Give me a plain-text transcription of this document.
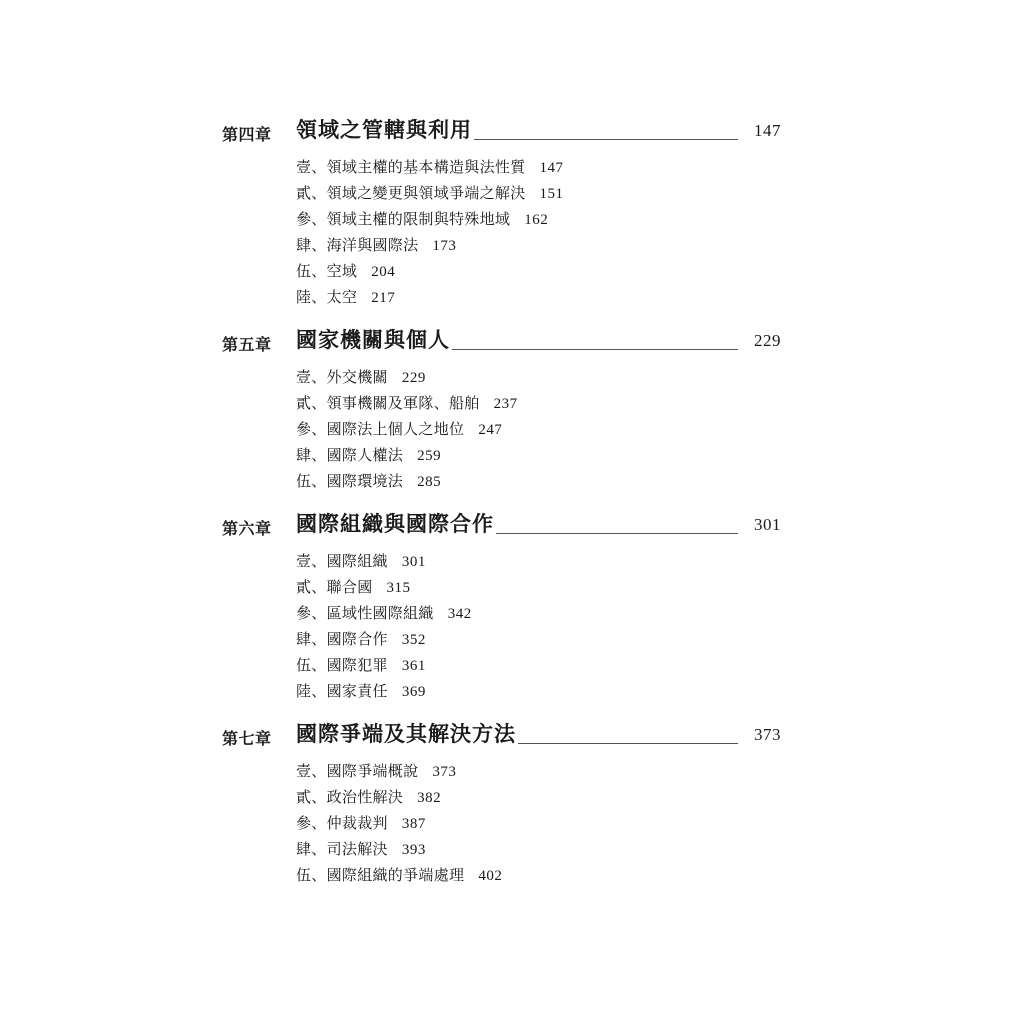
第四章 領域之管轄與利用	147
壹、領域主權的基本構造與法性質 147
貳、領域之變更與領域爭端之解決 151
參、領域主權的限制與特殊地域 162
肆、海洋與國際法 173
伍、空域 204
陸、太空 217
第五章 國家機關與個人	229
壹、外交機關 229
貳、領事機關及軍隊、船舶 237
參、國際法上個人之地位 247
肆、國際人權法 259
伍、國際環境法 285
第六章 國際組織與國際合作	301
壹、國際組織 301
貳、聯合國 315
參、區域性國際組織 342
肆、國際合作 352
伍、國際犯罪 361
陸、國家責任 369
第七章 國際爭端及其解決方法	373
壹、國際爭端概說 373
貳、政治性解決 382
參、仲裁裁判 387
肆、司法解決 393
伍、國際組織的爭端處理 402
